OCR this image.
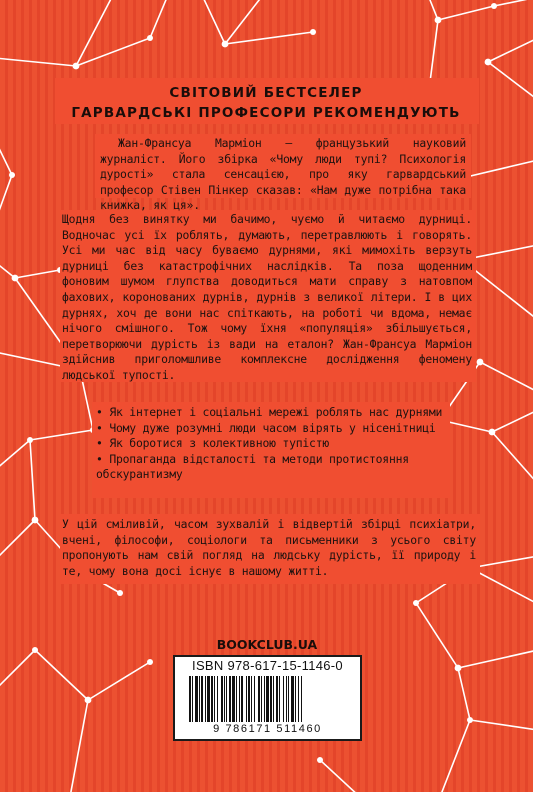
СВІТОВИЙ БЕСТСЕЛЕР
ГАРВАРДСЬКІ ПРОФЕСОРИ РЕКОМЕНДУЮТЬ
Жан-Франсуа Марміон – французький науковий журналіст. Його збірка «Чому люди тупі? Психологія дурості» стала сенсацією, про яку гарвардський професор Стівен Пінкер сказав: «Нам дуже потрібна така книжка, як ця».
Щодня без винятку ми бачимо, чуємо й читаємо дурниці. Водночас усі їх роблять, думають, перетравлюють і говорять. Усі ми час від часу буваємо дурнями, які мимохіть верзуть дурниці без катастрофічних наслідків. Та поза щоденним фоновим шумом глупства доводиться мати справу з натовпом фахових, коронованих дурнів, дурнів з великої літери. І в цих дурнях, хоч де вони нас спіткають, на роботі чи вдома, немає нічого смішного. Тож чому їхня «популяція» збільшується, перетворюючи дурість із вади на еталон? Жан-Франсуа Марміон здійснив приголомшливе комплексне дослідження феномену людської тупості.
• Як інтернет і соціальні мережі роблять нас дурнями
• Чому дуже розумні люди часом вірять у нісенітниці
• Як боротися з колективною тупістю
• Пропаганда відсталості та методи протистояння обскурантизму
У цій сміливій, часом зухвалій і відвертій збірці психіатри, вчені, філософи, соціологи та письменники з усього світу пропонують нам свій погляд на людську дурість, її природу і те, чому вона досі існує в нашому житті.
BOOKCLUB.UA
ISBN 978-617-15-1146-0
9 786171 511460
